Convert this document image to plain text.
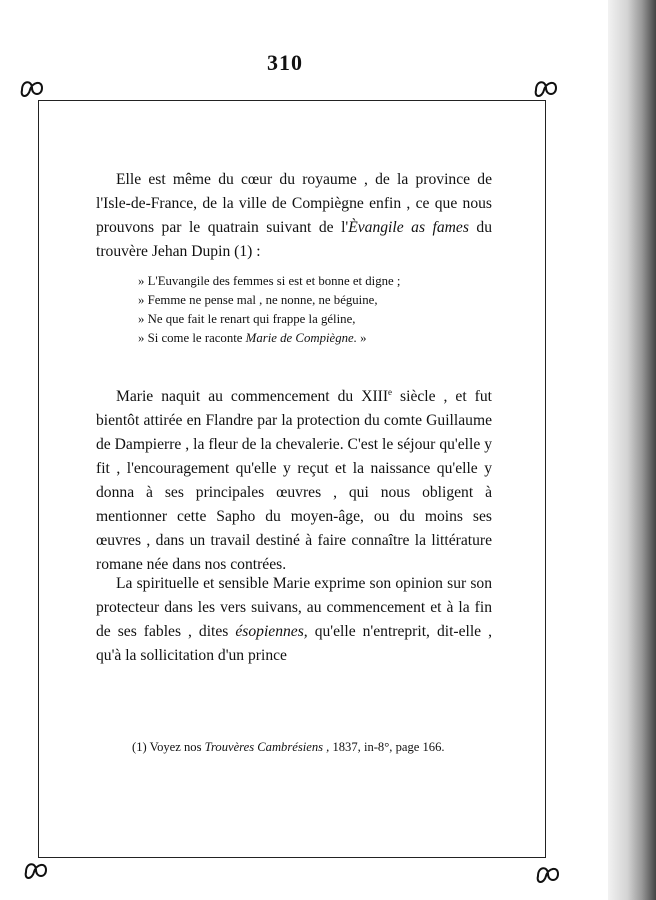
310

Elle est même du cœur du royaume , de la province de l'Isle-de-France, de la ville de Compiègne enfin , ce que nous prouvons par le quatrain suivant de l'Èvangile as fames du trouvère Jehan Dupin (1) :

» L'Euvangile des femmes si est et bonne et digne ;
» Femme ne pense mal , ne nonne, ne béguine,
» Ne que fait le renart qui frappe la géline,
» Si come le raconte Marie de Compiègne. »

Marie naquit au commencement du XIIIe siècle , et fut bientôt attirée en Flandre par la protection du comte Guillaume de Dampierre , la fleur de la chevalerie. C'est le séjour qu'elle y fit , l'encouragement qu'elle y reçut et la naissance qu'elle y donna à ses principales œuvres , qui nous obligent à mentionner cette Sapho du moyen-âge, ou du moins ses œuvres , dans un travail destiné à faire connaître la littérature romane née dans nos contrées.

La spirituelle et sensible Marie exprime son opinion sur son protecteur dans les vers suivans, au commencement et à la fin de ses fables , dites ésopiennes, qu'elle n'entreprit, dit-elle , qu'à la sollicitation d'un prince

(1) Voyez nos Trouvères Cambrésiens , 1837, in-8°, page 166.
